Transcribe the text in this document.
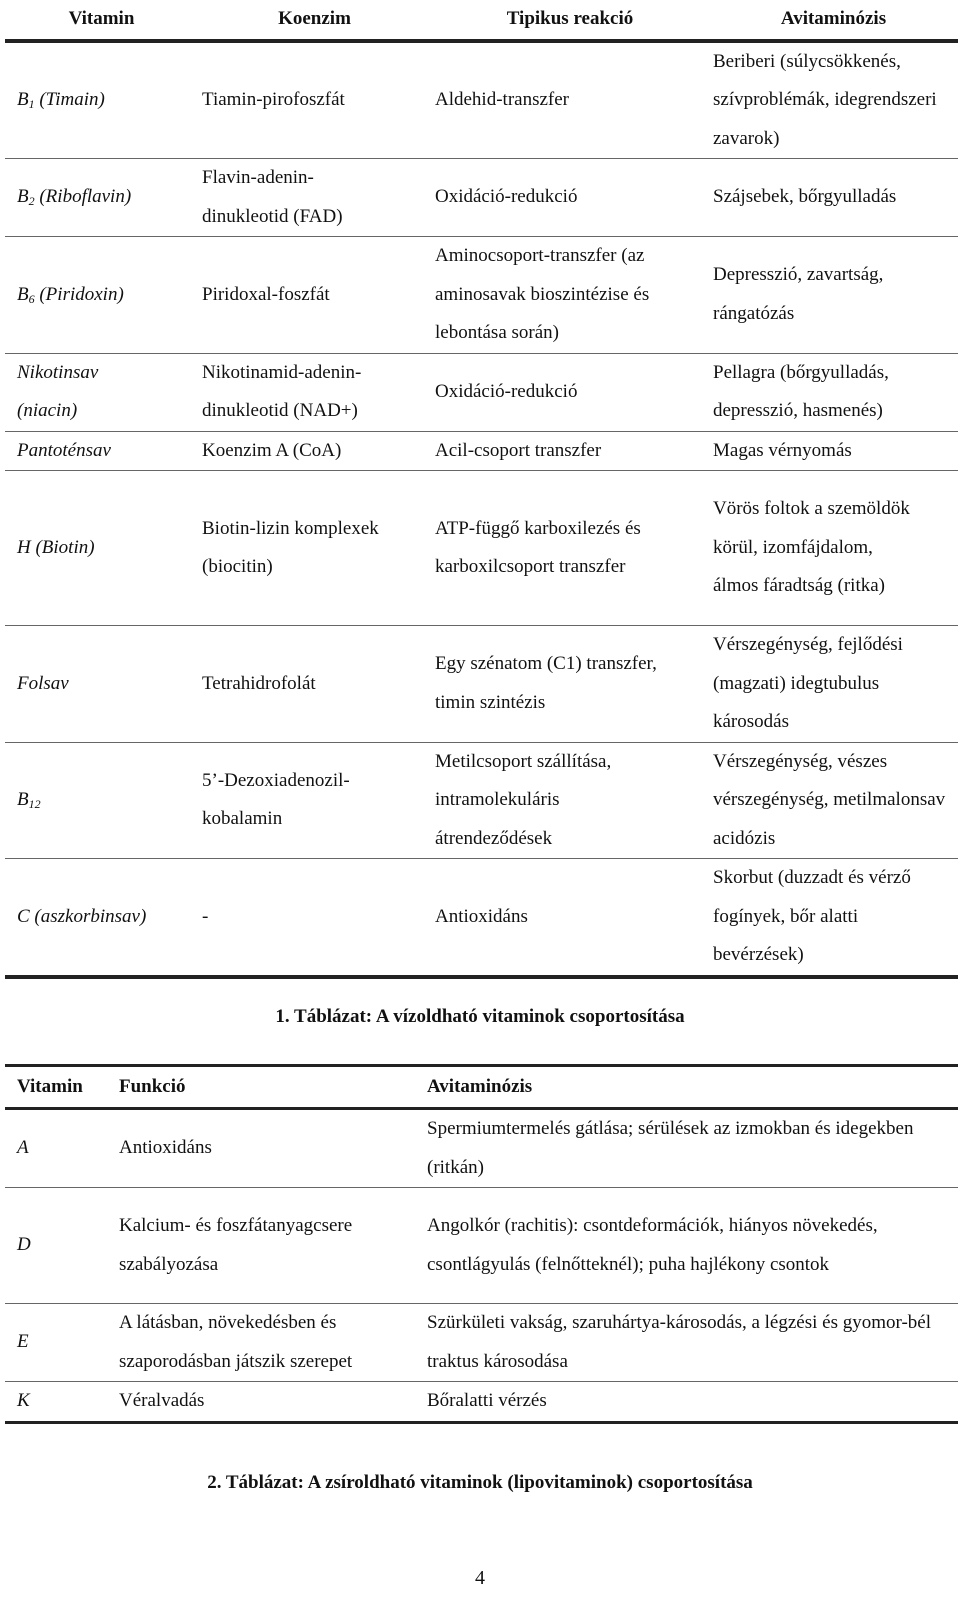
Vitamin	Koenzim	Tipikus reakció	Avitaminózis
$B_1$ (Timain)	Tiamin-pirofoszfát	Aldehid-transzfer	Beriberi (súlycsökkenés, szívproblémák, idegrendszeri zavarok)
$B_2$ (Riboflavin)	Flavin-adenin-dinukleotid (FAD)	Oxidáció-redukció	Szájsebek, bőrgyulladás
$B_6$ (Piridoxin)	Piridoxal-foszfát	Aminocsoport-transzfer (az aminosavak bioszintézise és lebontása során)	Depresszió, zavartság, rángatózás
Nikotinsav (niacin)	Nikotinamid-adenin-dinukleotid (NAD+)	Oxidáció-redukció	Pellagra (bőrgyulladás, depresszió, hasmenés)
Pantoténsav	Koenzim A (CoA)	Acil-csoport transzfer	Magas vérnyomás
H (Biotin)	Biotin-lizin komplexek (biocitin)	ATP-függő karboxilezés és karboxilcsoport transzfer	Vörös foltok a szemöldök körül, izomfájdalom, álmos fáradtság (ritka)
Folsav	Tetrahidrofolát	Egy szénatom (C1) transzfer, timin szintézis	Vérszegénység, fejlődési (magzati) idegtubulus károsodás
$B_{12}$	5’-Dezoxiadenozil-kobalamin	Metilcsoport szállítása, intramolekuláris átrendeződések	Vérszegénység, vészes vérszegénység, metilmalonsav acidózis
C (aszkorbinsav)	-	Antioxidáns	Skorbut (duzzadt és vérző fogínyek, bőr alatti bevérzések)
1. Táblázat: A vízoldható vitaminok csoportosítása
Vitamin	Funkció	Avitaminózis
A	Antioxidáns	Spermiumtermelés gátlása; sérülések az izmokban és idegekben (ritkán)
D	Kalcium- és foszfátanyagcsere szabályozása	Angolkór (rachitis): csontdeformációk, hiányos növekedés, csontlágyulás (felnőtteknél); puha hajlékony csontok
E	A látásban, növekedésben és szaporodásban játszik szerepet	Szürkületi vakság, szaruhártya-károsodás, a légzési és gyomor-bél traktus károsodása
K	Véralvadás	Bőralatti vérzés
2. Táblázat: A zsíroldható vitaminok (lipovitaminok) csoportosítása
4
